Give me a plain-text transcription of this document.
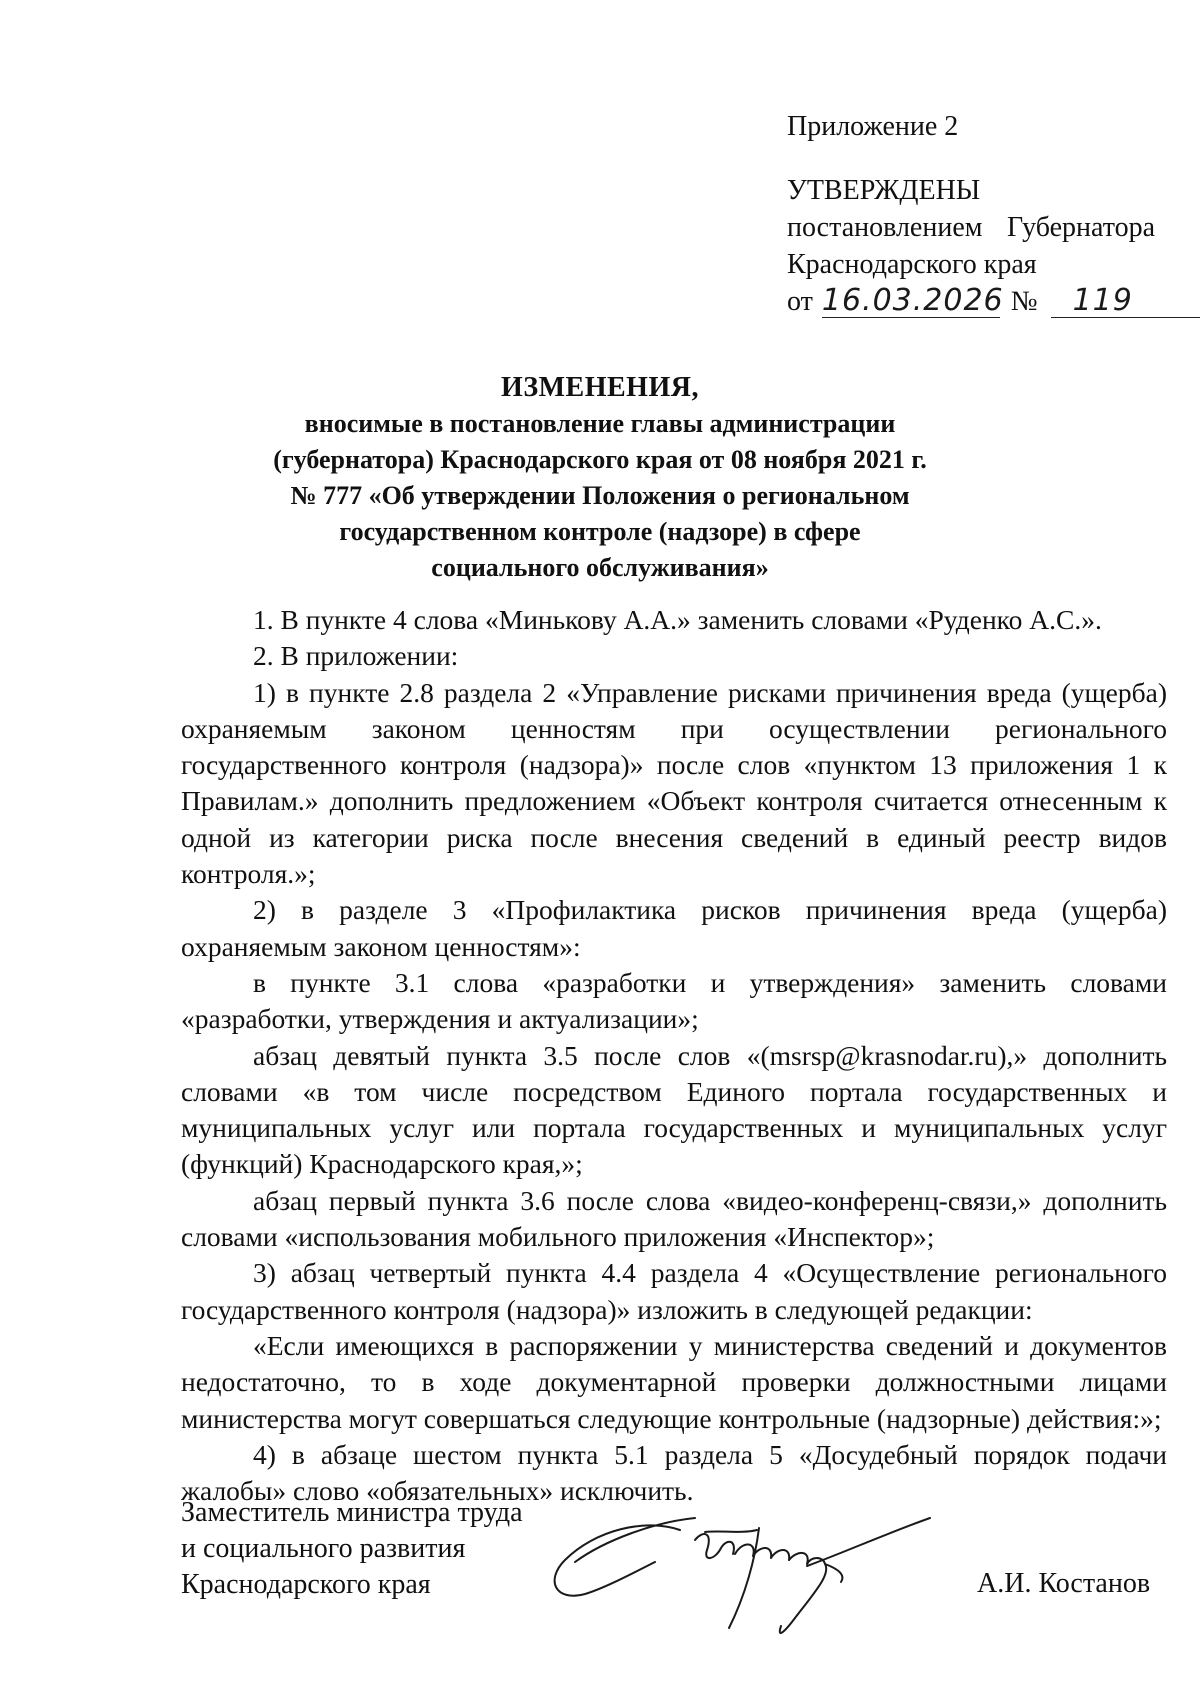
Приложение 2
УТВЕРЖДЕНЫ
постановлением Губернатора
Краснодарского края
от 16.03.2026 № 119
ИЗМЕНЕНИЯ,
вносимые в постановление главы администрации
(губернатора) Краснодарского края от 08 ноября 2021 г.
№ 777 «Об утверждении Положения о региональном
государственном контроле (надзоре) в сфере
социального обслуживания»

1. В пункте 4 слова «Минькову А.А.» заменить словами «Руденко А.С.».

2. В приложении:

1) в пункте 2.8 раздела 2 «Управление рисками причинения вреда (ущерба) охраняемым законом ценностям при осуществлении регионального государственного контроля (надзора)» после слов «пунктом 13 приложения 1 к Правилам.» дополнить предложением «Объект контроля считается отнесенным к одной из категории риска после внесения сведений в единый реестр видов контроля.»;

2) в разделе 3 «Профилактика рисков причинения вреда (ущерба) охраняемым законом ценностям»:

в пункте 3.1 слова «разработки и утверждения» заменить словами «разработки, утверждения и актуализации»;

абзац девятый пункта 3.5 после слов «(msrsp@krasnodar.ru),» дополнить словами «в том числе посредством Единого портала государственных и муниципальных услуг или портала государственных и муниципальных услуг (функций) Краснодарского края,»;

абзац первый пункта 3.6 после слова «видео-конференц-связи,» дополнить словами «использования мобильного приложения «Инспектор»;

3) абзац четвертый пункта 4.4 раздела 4 «Осуществление регионального государственного контроля (надзора)» изложить в следующей редакции:

«Если имеющихся в распоряжении у министерства сведений и документов недостаточно, то в ходе документарной проверки должностными лицами министерства могут совершаться следующие контрольные (надзорные) действия:»;

4) в абзаце шестом пункта 5.1 раздела 5 «Досудебный порядок подачи жалобы» слово «обязательных» исключить.

Заместитель министра труда
и социального развития
Краснодарского края	А.И. Костанов
